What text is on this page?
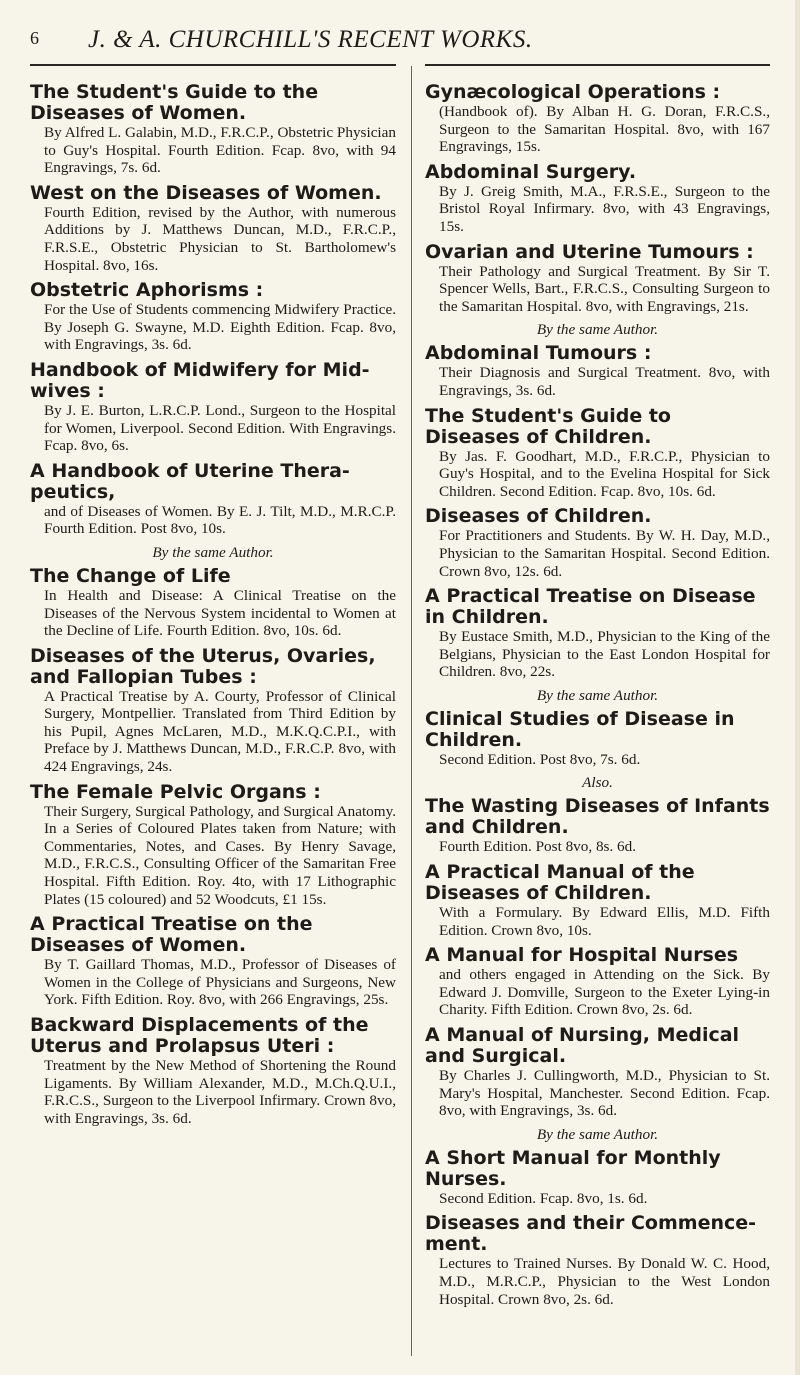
6 J. & A. CHURCHILL'S RECENT WORKS.
The Student's Guide to the Diseases of Women.
By Alfred L. Galabin, M.D., F.R.C.P., Obstetric Physician to Guy's Hospital. Fourth Edition. Fcap. 8vo, with 94 Engravings, 7s. 6d.
West on the Diseases of Women.
Fourth Edition, revised by the Author, with numerous Additions by J. Matthews Duncan, M.D., F.R.C.P., F.R.S.E., Obstetric Physician to St. Bartholomew's Hospital. 8vo, 16s.
Obstetric Aphorisms :
For the Use of Students commencing Midwifery Practice. By Joseph G. Swayne, M.D. Eighth Edition. Fcap. 8vo, with Engravings, 3s. 6d.
Handbook of Midwifery for Mid-wives :
By J. E. Burton, L.R.C.P. Lond., Surgeon to the Hospital for Women, Liverpool. Second Edition. With Engravings. Fcap. 8vo, 6s.
A Handbook of Uterine Thera-peutics,
and of Diseases of Women. By E. J. Tilt, M.D., M.R.C.P. Fourth Edition. Post 8vo, 10s.
By the same Author.
The Change of Life
In Health and Disease: A Clinical Treatise on the Diseases of the Nervous System incidental to Women at the Decline of Life. Fourth Edition. 8vo, 10s. 6d.
Diseases of the Uterus, Ovaries, and Fallopian Tubes :
A Practical Treatise by A. Courty, Professor of Clinical Surgery, Montpellier. Translated from Third Edition by his Pupil, Agnes McLaren, M.D., M.K.Q.C.P.I., with Preface by J. Matthews Duncan, M.D., F.R.C.P. 8vo, with 424 Engravings, 24s.
The Female Pelvic Organs :
Their Surgery, Surgical Pathology, and Surgical Anatomy. In a Series of Coloured Plates taken from Nature; with Commentaries, Notes, and Cases. By Henry Savage, M.D., F.R.C.S., Consulting Officer of the Samaritan Free Hospital. Fifth Edition. Roy. 4to, with 17 Lithographic Plates (15 coloured) and 52 Woodcuts, £1 15s.
A Practical Treatise on the Diseases of Women.
By T. Gaillard Thomas, M.D., Professor of Diseases of Women in the College of Physicians and Surgeons, New York. Fifth Edition. Roy. 8vo, with 266 Engravings, 25s.
Backward Displacements of the Uterus and Prolapsus Uteri :
Treatment by the New Method of Shortening the Round Ligaments. By William Alexander, M.D., M.Ch.Q.U.I., F.R.C.S., Surgeon to the Liverpool Infirmary. Crown 8vo, with Engravings, 3s. 6d.
Gynæcological Operations :
(Handbook of). By Alban H. G. Doran, F.R.C.S., Surgeon to the Samaritan Hospital. 8vo, with 167 Engravings, 15s.
Abdominal Surgery.
By J. Greig Smith, M.A., F.R.S.E., Surgeon to the Bristol Royal Infirmary. 8vo, with 43 Engravings, 15s.
Ovarian and Uterine Tumours :
Their Pathology and Surgical Treatment. By Sir T. Spencer Wells, Bart., F.R.C.S., Consulting Surgeon to the Samaritan Hospital. 8vo, with Engravings, 21s.
By the same Author.
Abdominal Tumours :
Their Diagnosis and Surgical Treatment. 8vo, with Engravings, 3s. 6d.
The Student's Guide to Diseases of Children.
By Jas. F. Goodhart, M.D., F.R.C.P., Physician to Guy's Hospital, and to the Evelina Hospital for Sick Children. Second Edition. Fcap. 8vo, 10s. 6d.
Diseases of Children.
For Practitioners and Students. By W. H. Day, M.D., Physician to the Samaritan Hospital. Second Edition. Crown 8vo, 12s. 6d.
A Practical Treatise on Disease in Children.
By Eustace Smith, M.D., Physician to the King of the Belgians, Physician to the East London Hospital for Children. 8vo, 22s.
By the same Author.
Clinical Studies of Disease in Children.
Second Edition. Post 8vo, 7s. 6d.
Also.
The Wasting Diseases of Infants and Children.
Fourth Edition. Post 8vo, 8s. 6d.
A Practical Manual of the Diseases of Children.
With a Formulary. By Edward Ellis, M.D. Fifth Edition. Crown 8vo, 10s.
A Manual for Hospital Nurses
and others engaged in Attending on the Sick. By Edward J. Domville, Surgeon to the Exeter Lying-in Charity. Fifth Edition. Crown 8vo, 2s. 6d.
A Manual of Nursing, Medical and Surgical.
By Charles J. Cullingworth, M.D., Physician to St. Mary's Hospital, Manchester. Second Edition. Fcap. 8vo, with Engravings, 3s. 6d.
By the same Author.
A Short Manual for Monthly Nurses.
Second Edition. Fcap. 8vo, 1s. 6d.
Diseases and their Commence-ment.
Lectures to Trained Nurses. By Donald W. C. Hood, M.D., M.R.C.P., Physician to the West London Hospital. Crown 8vo, 2s. 6d.
